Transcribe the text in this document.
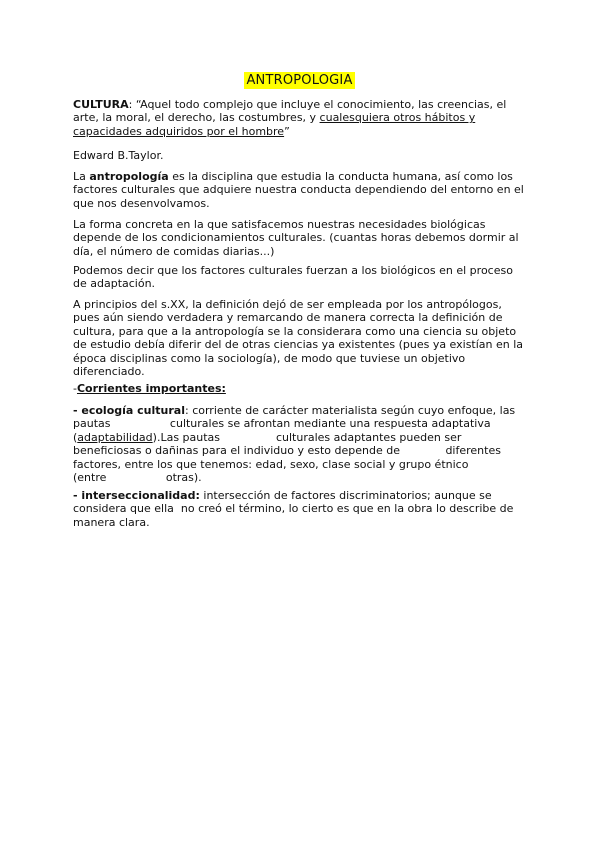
ANTROPOLOGIA

CULTURA: “Aquel todo complejo que incluye el conocimiento, las creencias, el arte, la moral, el derecho, las costumbres, y cualesquiera otros hábitos y capacidades adquiridos por el hombre”

Edward B.Taylor.

La antropología es la disciplina que estudia la conducta humana, así como los factores culturales que adquiere nuestra conducta dependiendo del entorno en el que nos desenvolvamos.

La forma concreta en la que satisfacemos nuestras necesidades biológicas depende de los condicionamientos culturales. (cuantas horas debemos dormir al día, el número de comidas diarias...)

Podemos decir que los factores culturales fuerzan a los biológicos en el proceso de adaptación.

A principios del s.XX, la definición dejó de ser empleada por los antropólogos, pues aún siendo verdadera y remarcando de manera correcta la definición de cultura, para que a la antropología se la considerara como una ciencia su objeto de estudio debía diferir del de otras ciencias ya existentes (pues ya existían en la época disciplinas como la sociología), de modo que tuviese un objetivo diferenciado.

-Corrientes importantes:

- ecología cultural: corriente de carácter materialista según cuyo enfoque, las pautas                 culturales se afrontan mediante una respuesta adaptativa (adaptabilidad).Las pautas                culturales adaptantes pueden ser beneficiosas o dañinas para el individuo y esto depende de             diferentes factores, entre los que tenemos: edad, sexo, clase social y grupo étnico (entre                 otras).

- interseccionalidad: intersección de factores discriminatorios; aunque se considera que ella  no creó el término, lo cierto es que en la obra lo describe de manera clara.
